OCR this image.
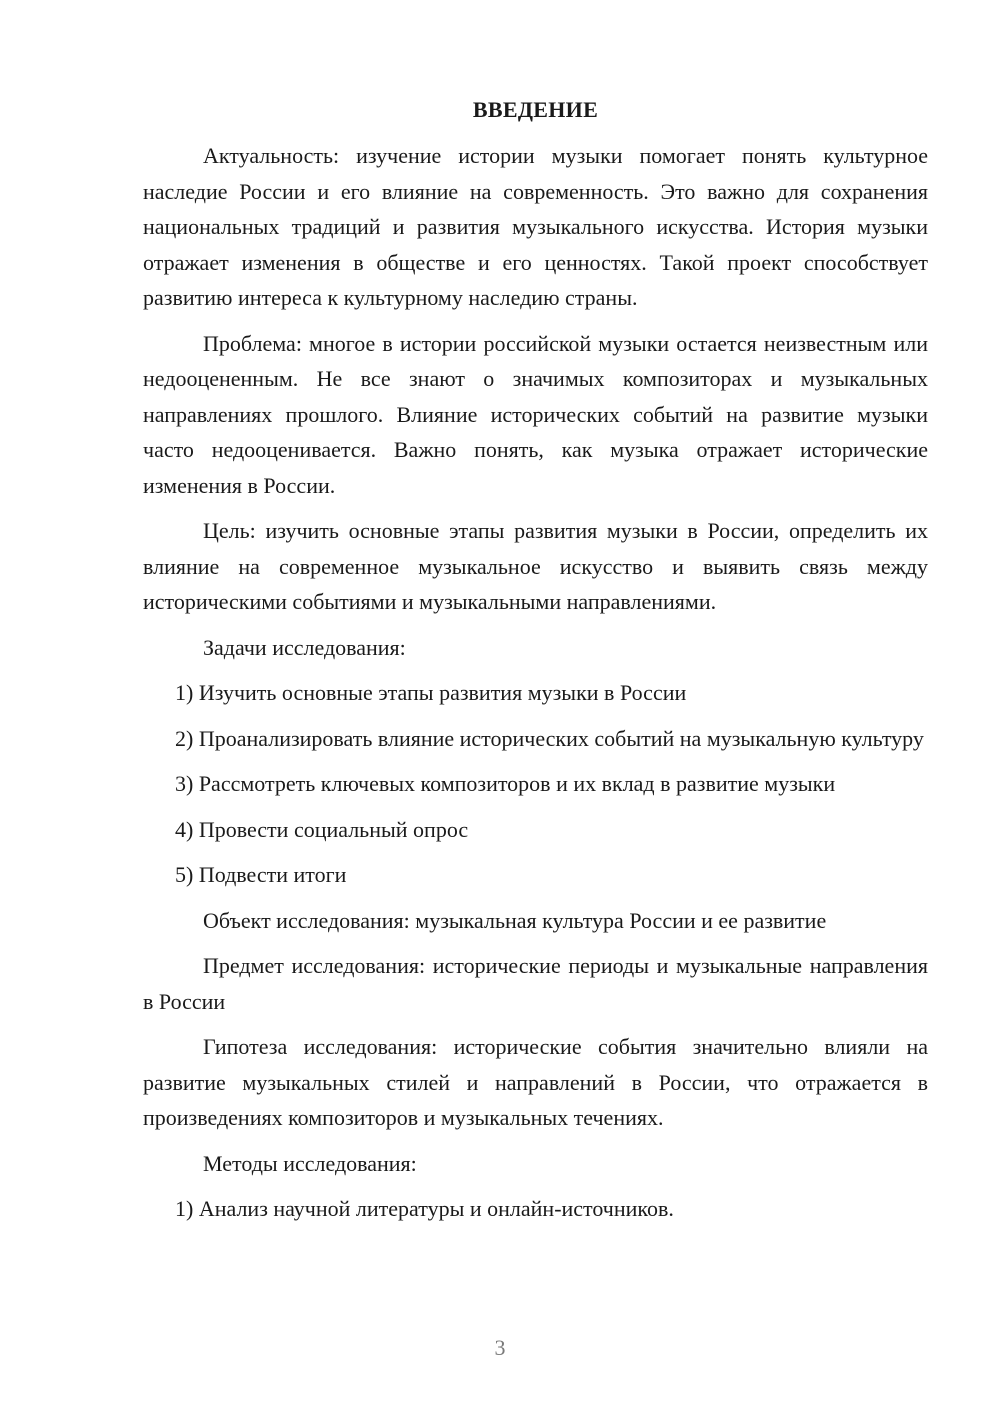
ВВЕДЕНИЕ

Актуальность: изучение истории музыки помогает понять культурное наследие России и его влияние на современность. Это важно для сохранения национальных традиций и развития музыкального искусства. История музыки отражает изменения в обществе и его ценностях. Такой проект способствует развитию интереса к культурному наследию страны.

Проблема: многое в истории российской музыки остается неизвестным или недооцененным. Не все знают о значимых композиторах и музыкальных направлениях прошлого. Влияние исторических событий на развитие музыки часто недооценивается. Важно понять, как музыка отражает исторические изменения в России.

Цель: изучить основные этапы развития музыки в России, определить их влияние на современное музыкальное искусство и выявить связь между историческими событиями и музыкальными направлениями.

Задачи исследования:

1) Изучить основные этапы развития музыки в России

2) Проанализировать влияние исторических событий на музыкальную культуру

3) Рассмотреть ключевых композиторов и их вклад в развитие музыки

4) Провести социальный опрос

5) Подвести итоги

Объект исследования: музыкальная культура России и ее развитие

Предмет исследования: исторические периоды и музыкальные направления в России

Гипотеза исследования: исторические события значительно влияли на развитие музыкальных стилей и направлений в России, что отражается в произведениях композиторов и музыкальных течениях.

Методы исследования:

1) Анализ научной литературы и онлайн-источников.

3
